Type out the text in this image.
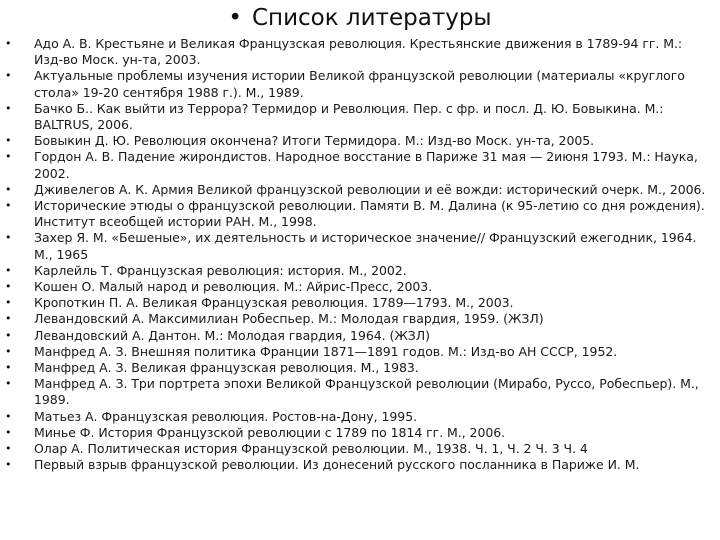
• Список литературы
• Адо А. В. Крестьяне и Великая Французская революция. Крестьянские движения в 1789-94 гг. М.: Изд-во Моск. ун-та, 2003.
• Актуальные проблемы изучения истории Великой французской революции (материалы «круглого стола» 19-20 сентября 1988 г.). М., 1989.
• Бачко Б.. Как выйти из Террора? Термидор и Революция. Пер. с фр. и посл. Д. Ю. Бовыкина. М.: BALTRUS, 2006.
• Бовыкин Д. Ю. Революция окончена? Итоги Термидора. М.: Изд-во Моск. ун-та, 2005.
• Гордон А. В. Падение жирондистов. Народное восстание в Париже 31 мая — 2июня 1793. М.: Наука, 2002.
• Дживелегов А. К. Армия Великой французской революции и её вожди: исторический очерк. М., 2006.
• Исторические этюды о французской революции. Памяти В. М. Далина (к 95-летию со дня рождения). Институт всеобщей истории РАН. М., 1998.
• Захер Я. М. «Бешеные», их деятельность и историческое значение// Французский ежегодник, 1964. М., 1965
• Карлейль Т. Французская революция: история. М., 2002.
• Кошен О. Малый народ и революция. М.: Айрис-Пресс, 2003.
• Кропоткин П. А. Великая Французская революция. 1789—1793. М., 2003.
• Левандовский А. Максимилиан Робеспьер. М.: Молодая гвардия, 1959. (ЖЗЛ)
• Левандовский А. Дантон. М.: Молодая гвардия, 1964. (ЖЗЛ)
• Манфред А. З. Внешняя политика Франции 1871—1891 годов. М.: Изд-во АН СССР, 1952.
• Манфред А. З. Великая французская революция. М., 1983.
• Манфред А. З. Три портрета эпохи Великой Французской революции (Мирабо, Руссо, Робеспьер). М., 1989.
• Матьез А. Французская революция. Ростов-на-Дону, 1995.
• Минье Ф. История Французской революции с 1789 по 1814 гг. М., 2006.
• Олар А. Политическая история Французской революции. М., 1938. Ч. 1, Ч. 2 Ч. 3 Ч. 4
• Первый взрыв французской революции. Из донесений русского посланника в Париже И. М.
